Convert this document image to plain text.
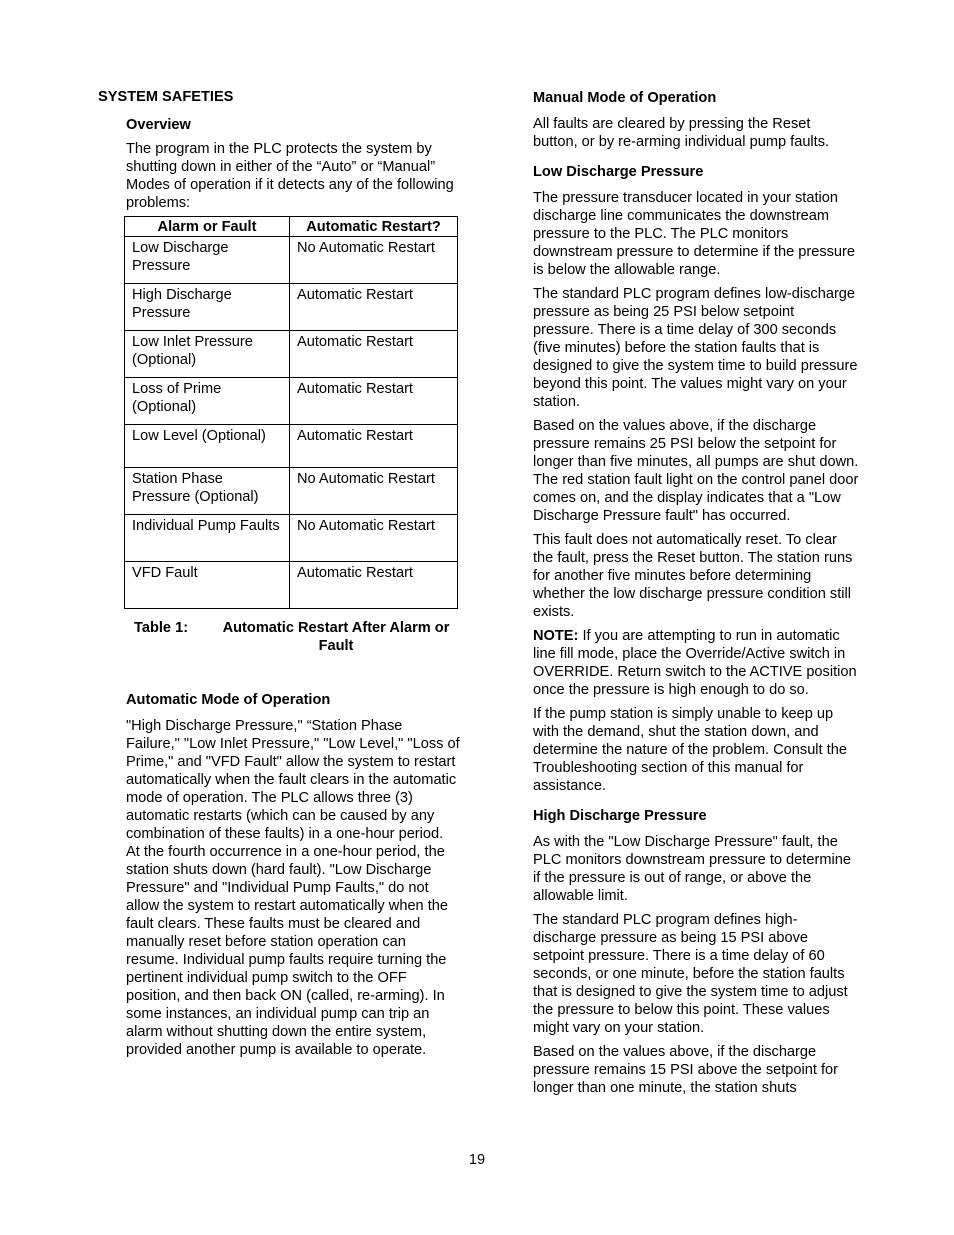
SYSTEM SAFETIES
Overview

The program in the PLC protects the system by shutting down in either of the “Auto” or “Manual” Modes of operation if it detects any of the following problems:

Alarm or Fault	Automatic Restart?
Low Discharge Pressure	No Automatic Restart
High Discharge Pressure	Automatic Restart
Low Inlet Pressure (Optional)	Automatic Restart
Loss of Prime (Optional)	Automatic Restart
Low Level (Optional)	Automatic Restart
Station Phase Pressure (Optional)	No Automatic Restart
Individual Pump Faults	No Automatic Restart
VFD Fault	Automatic Restart
Table 1: Automatic Restart After Alarm or Fault
Automatic Mode of Operation

"High Discharge Pressure," “Station Phase Failure," "Low Inlet Pressure," "Low Level," "Loss of Prime," and "VFD Fault" allow the system to restart automatically when the fault clears in the automatic mode of operation. The PLC allows three (3) automatic restarts (which can be caused by any combination of these faults) in a one-hour period. At the fourth occurrence in a one-hour period, the station shuts down (hard fault). "Low Discharge Pressure" and "Individual Pump Faults," do not allow the system to restart automatically when the fault clears. These faults must be cleared and manually reset before station operation can resume. Individual pump faults require turning the pertinent individual pump switch to the OFF position, and then back ON (called, re-arming). In some instances, an individual pump can trip an alarm without shutting down the entire system, provided another pump is available to operate.

Manual Mode of Operation

All faults are cleared by pressing the Reset button, or by re-arming individual pump faults.

Low Discharge Pressure

The pressure transducer located in your station discharge line communicates the downstream pressure to the PLC. The PLC monitors downstream pressure to determine if the pressure is below the allowable range.

The standard PLC program defines low-discharge pressure as being 25 PSI below setpoint pressure. There is a time delay of 300 seconds (five minutes) before the station faults that is designed to give the system time to build pressure beyond this point. The values might vary on your station.

Based on the values above, if the discharge pressure remains 25 PSI below the setpoint for longer than five minutes, all pumps are shut down. The red station fault light on the control panel door comes on, and the display indicates that a "Low Discharge Pressure fault" has occurred.

This fault does not automatically reset. To clear the fault, press the Reset button. The station runs for another five minutes before determining whether the low discharge pressure condition still exists.

NOTE: If you are attempting to run in automatic line fill mode, place the Override/Active switch in OVERRIDE. Return switch to the ACTIVE position once the pressure is high enough to do so.

If the pump station is simply unable to keep up with the demand, shut the station down, and determine the nature of the problem. Consult the Troubleshooting section of this manual for assistance.

High Discharge Pressure

As with the "Low Discharge Pressure" fault, the PLC monitors downstream pressure to determine if the pressure is out of range, or above the allowable limit.

The standard PLC program defines high-discharge pressure as being 15 PSI above setpoint pressure. There is a time delay of 60 seconds, or one minute, before the station faults that is designed to give the system time to adjust the pressure to below this point. These values might vary on your station.

Based on the values above, if the discharge pressure remains 15 PSI above the setpoint for longer than one minute, the station shuts

19
